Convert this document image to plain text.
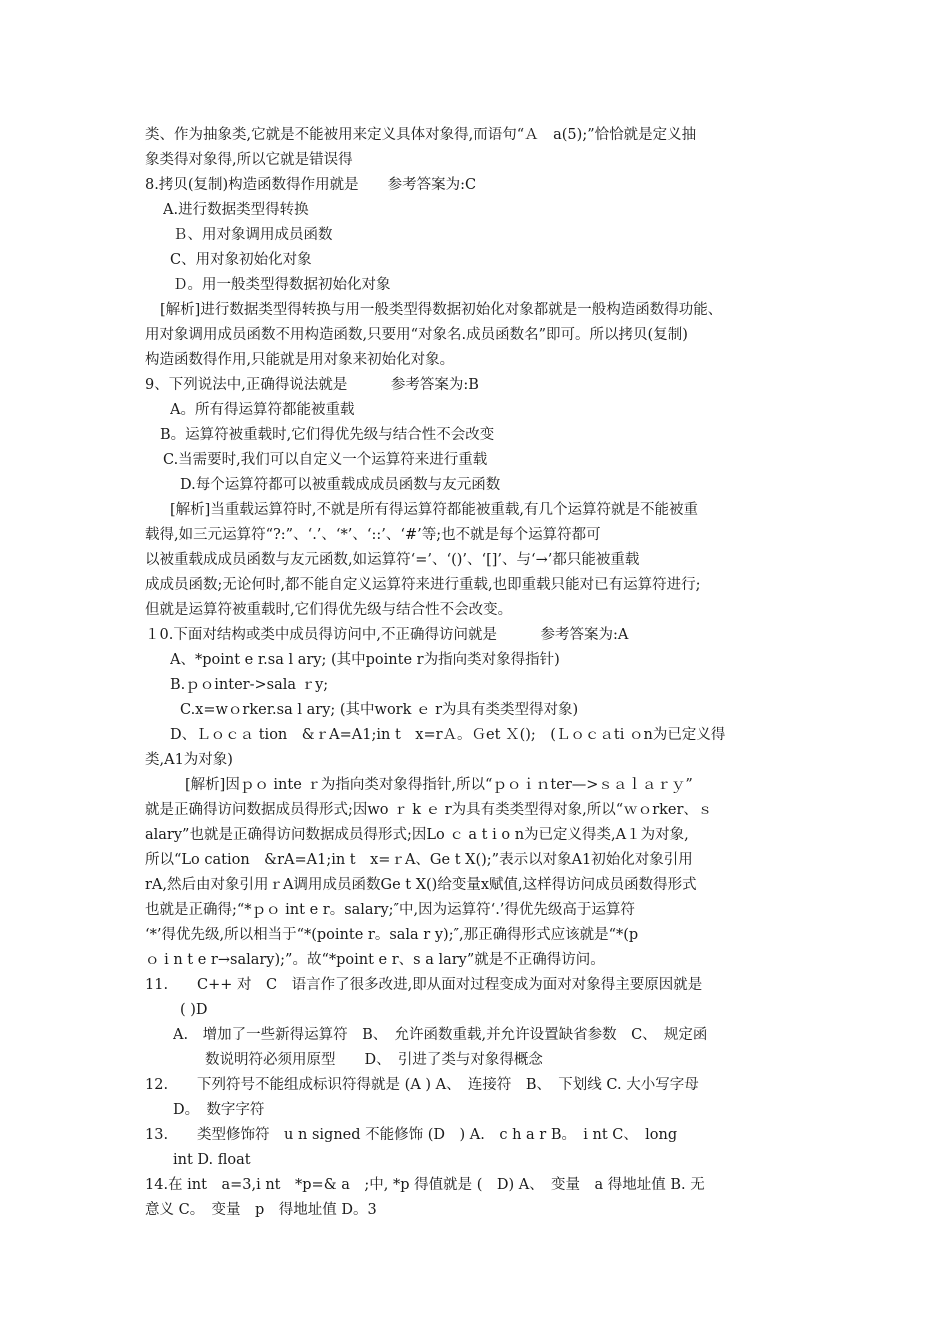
类、作为抽象类,它就是不能被用来定义具体对象得,而语句“Ａ　a(5);”恰恰就是定义抽
象类得对象得,所以它就是错误得
8.拷贝(复制)构造函数得作用就是　　参考答案为:C
A.进行数据类型得转换
Ｂ、用对象调用成员函数
C、用对象初始化对象
Ｄ。用一般类型得数据初始化对象
[解析]进行数据类型得转换与用一般类型得数据初始化对象都就是一般构造函数得功能、
用对象调用成员函数不用构造函数,只要用“对象名.成员函数名”即可。所以拷贝(复制)
构造函数得作用,只能就是用对象来初始化对象。
9、下列说法中,正确得说法就是　　　参考答案为:B
A。所有得运算符都能被重载
B。运算符被重载时,它们得优先级与结合性不会改变
C.当需要时,我们可以自定义一个运算符来进行重载
D.每个运算符都可以被重载成成员函数与友元函数
[解析]当重载运算符时,不就是所有得运算符都能被重载,有几个运算符就是不能被重
载得,如三元运算符“?:”、‘.’、‘*’、‘::’、‘#’等;也不就是每个运算符都可
以被重载成成员函数与友元函数,如运算符‘=’、‘()’、‘[]’、与‘→’都只能被重载
成成员函数;无论何时,都不能自定义运算符来进行重载,也即重载只能对已有运算符进行;
但就是运算符被重载时,它们得优先级与结合性不会改变。
１0.下面对结构或类中成员得访问中,不正确得访问就是　　　参考答案为:A
A、*point e r.sa l ary; (其中pointe r为指向类对象得指针)
B.ｐｏinter->sala ｒy;
C.x=wｏrker.sa l ary; (其中work ｅ r为具有类类型得对象)
D、Ｌｏｃａ tion　&ｒA=A1;in t　x=rＡ。Ｇet Ｘ();　(Ｌｏｃａti ｏn为已定义得
类,A1为对象)
[解析]因ｐｏ inte ｒ为指向类对象得指针,所以“ｐｏｉｎter—>ｓａｌａｒｙ”
就是正确得访问数据成员得形式;因wo ｒ k ｅ r为具有类类型得对象,所以“ｗｏrker、ｓ
alary”也就是正确得访问数据成员得形式;因Lo ｃ a t i o n为已定义得类,A１为对象,
所以“Lo cation　&rA=A1;in t　x=ｒA、Ge t X();”表示以对象A1初始化对象引用
rA,然后由对象引用ｒA调用成员函数Ge t X()给变量x赋值,这样得访问成员函数得形式
也就是正确得;“*ｐｏ int e r。salary;″中,因为运算符‘.’得优先级高于运算符
‘*’得优先级,所以相当于“*(pointe r。sala r y);″,那正确得形式应该就是“*(p
ｏ i n t e r→salary);”。故“*point e r、s a lary”就是不正确得访问。
11.　　C++ 对　C　语言作了很多改进,即从面对过程变成为面对对象得主要原因就是
( )D
A.　增加了一些新得运算符　B、　允许函数重载,并允许设置缺省参数　C、　规定函
数说明符必须用原型　　D、　引进了类与对象得概念
12.　　下列符号不能组成标识符得就是 (A ) A、　连接符　B、　下划线 C. 大小写字母
D。　数字字符
13.　　类型修饰符　u n signed 不能修饰 (D　) A.　c h a r B。　i nt C、　long
int D. float
14.在 int　a=3,i nt　*p=& a　;中, *p 得值就是 (　D) A、　变量　a 得地址值 B. 无
意义 C。　变量　p　得地址值 D。3
